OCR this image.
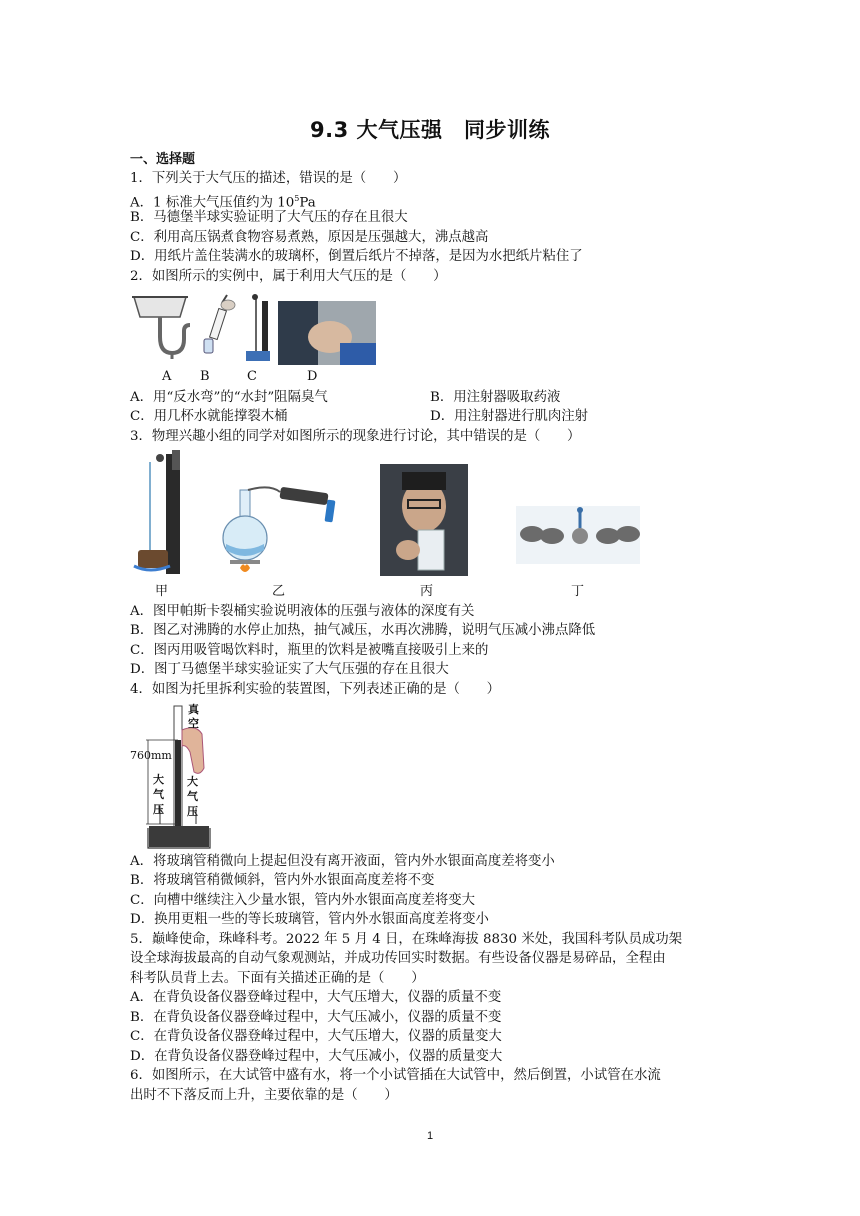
9.3 大气压强　同步训练
一、选择题
1．下列关于大气压的描述，错误的是（　　）
A．1 标准大气压值约为 $10^5Pa$
B．马德堡半球实验证明了大气压的存在且很大
C．利用高压锅煮食物容易煮熟，原因是压强越大，沸点越高
D．用纸片盖住装满水的玻璃杯，倒置后纸片不掉落，是因为水把纸片粘住了
2．如图所示的实例中，属于利用大气压的是（　　）
A B	C	D
A．用“反水弯”的“水封”阻隔臭气	B．用注射器吸取药液
C．用几杯水就能撑裂木桶	D．用注射器进行肌肉注射
3．物理兴趣小组的同学对如图所示的现象进行讨论，其中错误的是（　　）
甲	乙	丙	丁
A．图甲帕斯卡裂桶实验说明液体的压强与液体的深度有关
B．图乙对沸腾的水停止加热，抽气减压，水再次沸腾，说明气压减小沸点降低
C．图丙用吸管喝饮料时，瓶里的饮料是被嘴直接吸引上来的
D．图丁马德堡半球实验证实了大气压强的存在且很大
4．如图为托里拆利实验的装置图，下列表述正确的是（　　）
真
空
760mm
大
气
压
大
气
压
A．将玻璃管稍微向上提起但没有离开液面，管内外水银面高度差将变小
B．将玻璃管稍微倾斜，管内外水银面高度差将不变
C．向槽中继续注入少量水银，管内外水银面高度差将变大
D．换用更粗一些的等长玻璃管，管内外水银面高度差将变小
5．巅峰使命，珠峰科考。2022 年 5 月 4 日，在珠峰海拔 8830 米处，我国科考队员成功架
设全球海拔最高的自动气象观测站，并成功传回实时数据。有些设备仪器是易碎品，全程由
科考队员背上去。下面有关描述正确的是（　　）
A．在背负设备仪器登峰过程中，大气压增大，仪器的质量不变
B．在背负设备仪器登峰过程中，大气压减小，仪器的质量不变
C．在背负设备仪器登峰过程中，大气压增大，仪器的质量变大
D．在背负设备仪器登峰过程中，大气压减小，仪器的质量变大
6．如图所示，在大试管中盛有水，将一个小试管插在大试管中，然后倒置，小试管在水流
出时不下落反而上升，主要依靠的是（　　）
1
